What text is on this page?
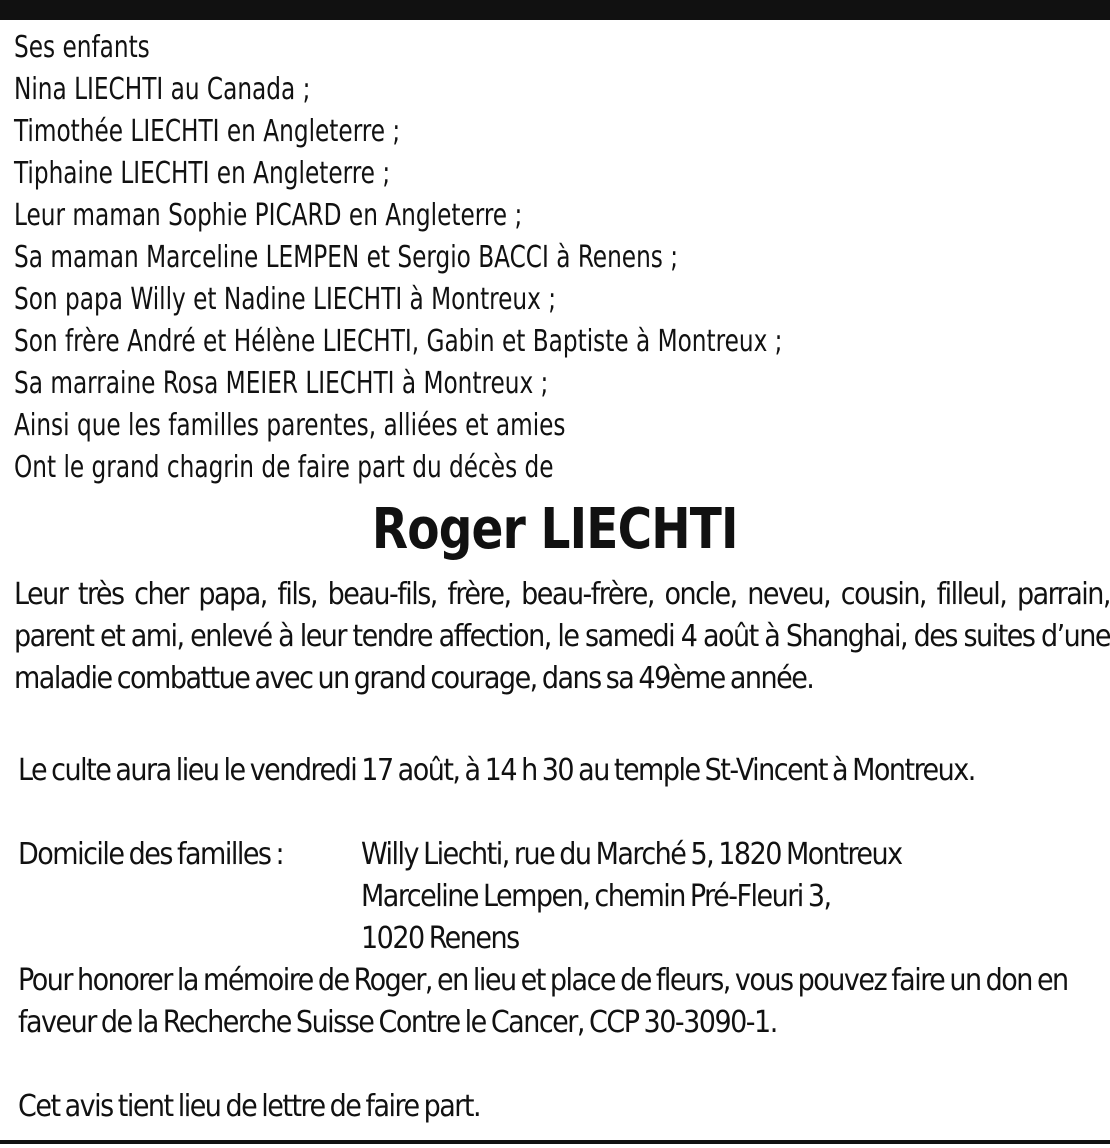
Ses enfants
Nina LIECHTI au Canada ;
Timothée LIECHTI en Angleterre ;
Tiphaine LIECHTI en Angleterre ;
Leur maman Sophie PICARD en Angleterre ;
Sa maman Marceline LEMPEN et Sergio BACCI à Renens ;
Son papa Willy et Nadine LIECHTI à Montreux ;
Son frère André et Hélène LIECHTI, Gabin et Baptiste à Montreux ;
Sa marraine Rosa MEIER LIECHTI à Montreux ;
Ainsi que les familles parentes, alliées et amies
Ont le grand chagrin de faire part du décès de
Roger LIECHTI

Leur très cher papa, fils, beau-fils, frère, beau-frère, oncle, neveu, cousin, filleul, parrain, parent et ami, enlevé à leur tendre affection, le samedi 4 août à Shanghai, des suites d’une maladie combattue avec un grand courage, dans sa 49ème année.

Le culte aura lieu le vendredi 17 août, à 14 h 30 au temple St-Vincent à Montreux.

Domicile des familles :	Willy Liechti, rue du Marché 5, 1820 Montreux
Marceline Lempen, chemin Pré-Fleuri 3,
1020 Renens

Pour honorer la mémoire de Roger, en lieu et place de fleurs, vous pouvez faire un don en faveur de la Recherche Suisse Contre le Cancer, CCP 30-3090-1.

Cet avis tient lieu de lettre de faire part.
